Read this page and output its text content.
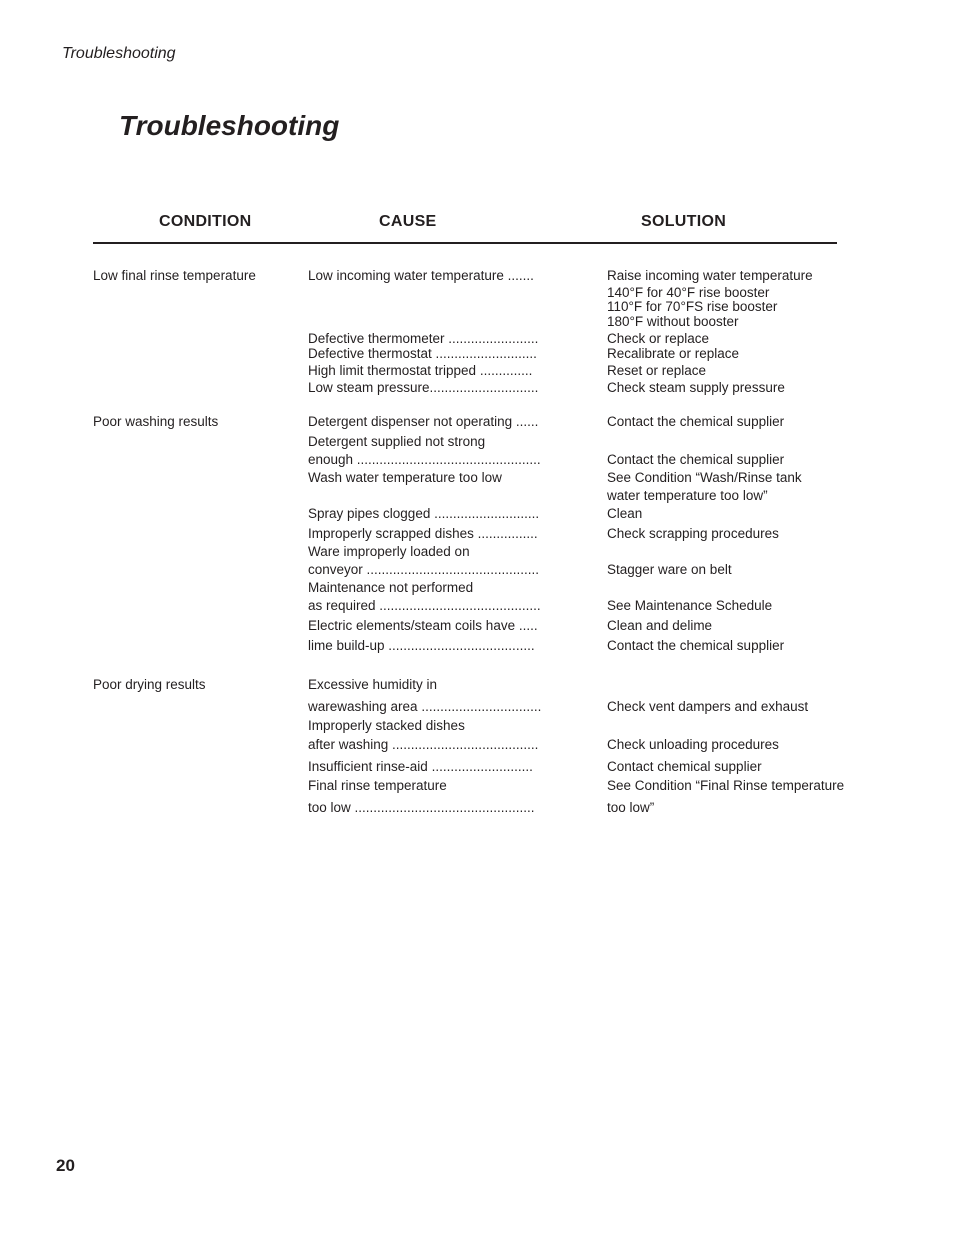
Troubleshooting
Troubleshooting
CONDITION	CAUSE	SOLUTION
Low final rinse temperature
Poor washing results
Poor drying results
Low incoming water temperature .......
Defective thermometer ........................
Defective thermostat ...........................
High limit thermostat tripped ..............
Low steam pressure.............................
Detergent dispenser not operating ......
Detergent supplied not strong
enough .................................................
Wash water temperature too low
Spray pipes clogged ............................
Improperly scrapped dishes ................
Ware improperly loaded on
conveyor ..............................................
Maintenance not performed
as required ...........................................
Electric elements/steam coils have .....
lime build-up .......................................
Excessive humidity in
warewashing area ................................
Improperly stacked dishes
after washing .......................................
Insufficient rinse-aid ...........................
Final rinse temperature
too low ................................................
Raise incoming water temperature
140°F for 40°F rise booster
110°F for 70°FS rise booster
180°F without booster
Check or replace
Recalibrate or replace
Reset or replace
Check steam supply pressure
Contact the chemical supplier
Contact the chemical supplier
See Condition “Wash/Rinse tank
water temperature too low”
Clean
Check scrapping procedures
Stagger ware on belt
See Maintenance Schedule
Clean and delime
Contact the chemical supplier
Check vent dampers and exhaust
Check unloading procedures
Contact chemical supplier
See Condition “Final Rinse temperature
too low”
20
